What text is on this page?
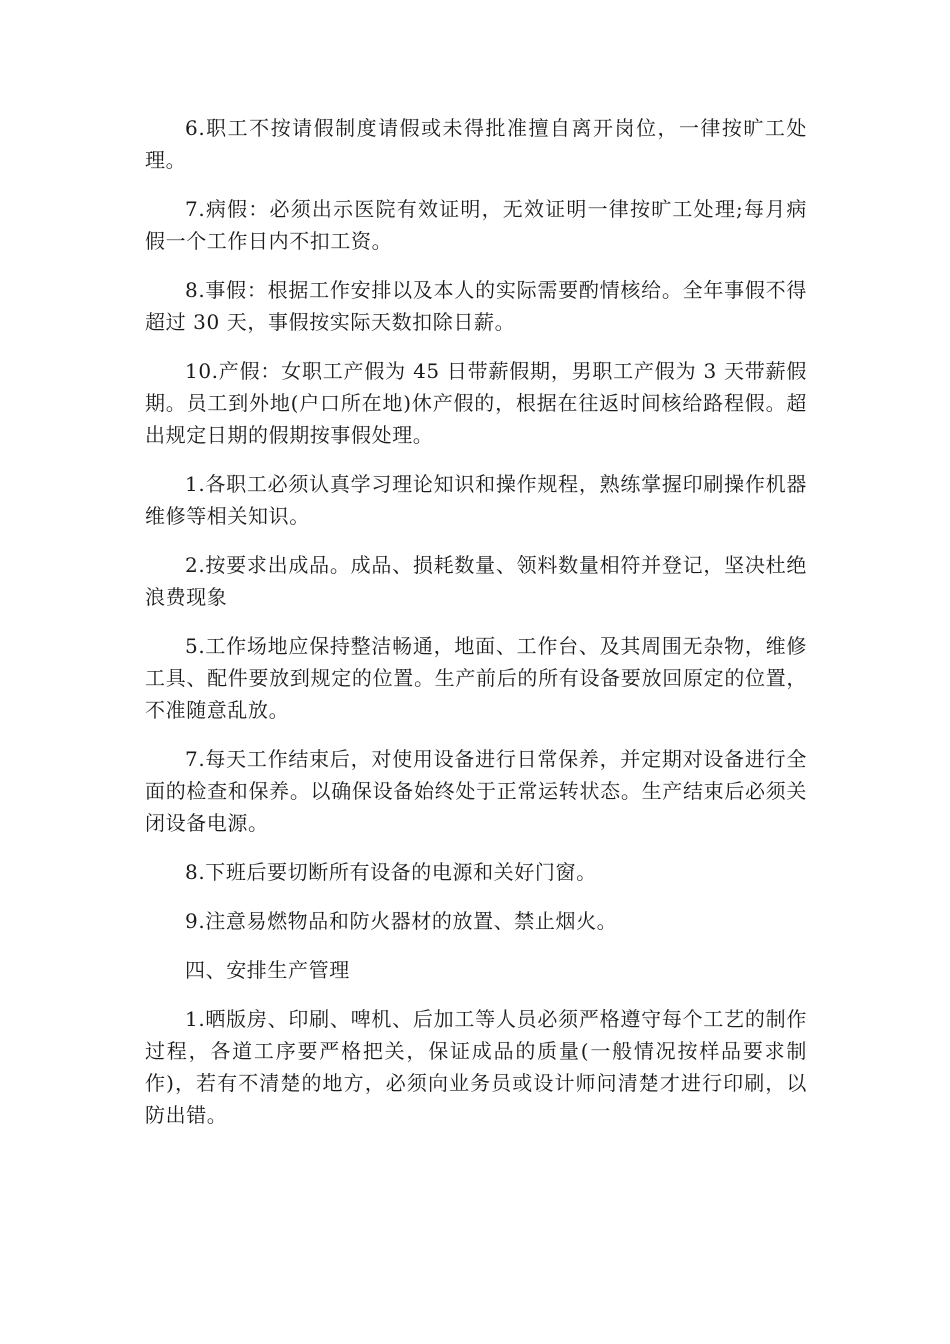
6.职工不按请假制度请假或未得批准擅自离开岗位，一律按旷工处理。

7.病假：必须出示医院有效证明，无效证明一律按旷工处理;每月病假一个工作日内不扣工资。

8.事假：根据工作安排以及本人的实际需要酌情核给。全年事假不得超过 30 天，事假按实际天数扣除日薪。

10.产假：女职工产假为 45 日带薪假期，男职工产假为 3 天带薪假期。员工到外地(户口所在地)休产假的，根据在往返时间核给路程假。超出规定日期的假期按事假处理。

1.各职工必须认真学习理论知识和操作规程，熟练掌握印刷操作机器维修等相关知识。

2.按要求出成品。成品、损耗数量、领料数量相符并登记，坚决杜绝浪费现象

5.工作场地应保持整洁畅通，地面、工作台、及其周围无杂物，维修工具、配件要放到规定的位置。生产前后的所有设备要放回原定的位置，不准随意乱放。

7.每天工作结束后，对使用设备进行日常保养，并定期对设备进行全面的检查和保养。以确保设备始终处于正常运转状态。生产结束后必须关闭设备电源。

8.下班后要切断所有设备的电源和关好门窗。

9.注意易燃物品和防火器材的放置、禁止烟火。

四、安排生产管理

1.晒版房、印刷、啤机、后加工等人员必须严格遵守每个工艺的制作过程，各道工序要严格把关，保证成品的质量(一般情况按样品要求制作)，若有不清楚的地方，必须向业务员或设计师问清楚才进行印刷，以防出错。
